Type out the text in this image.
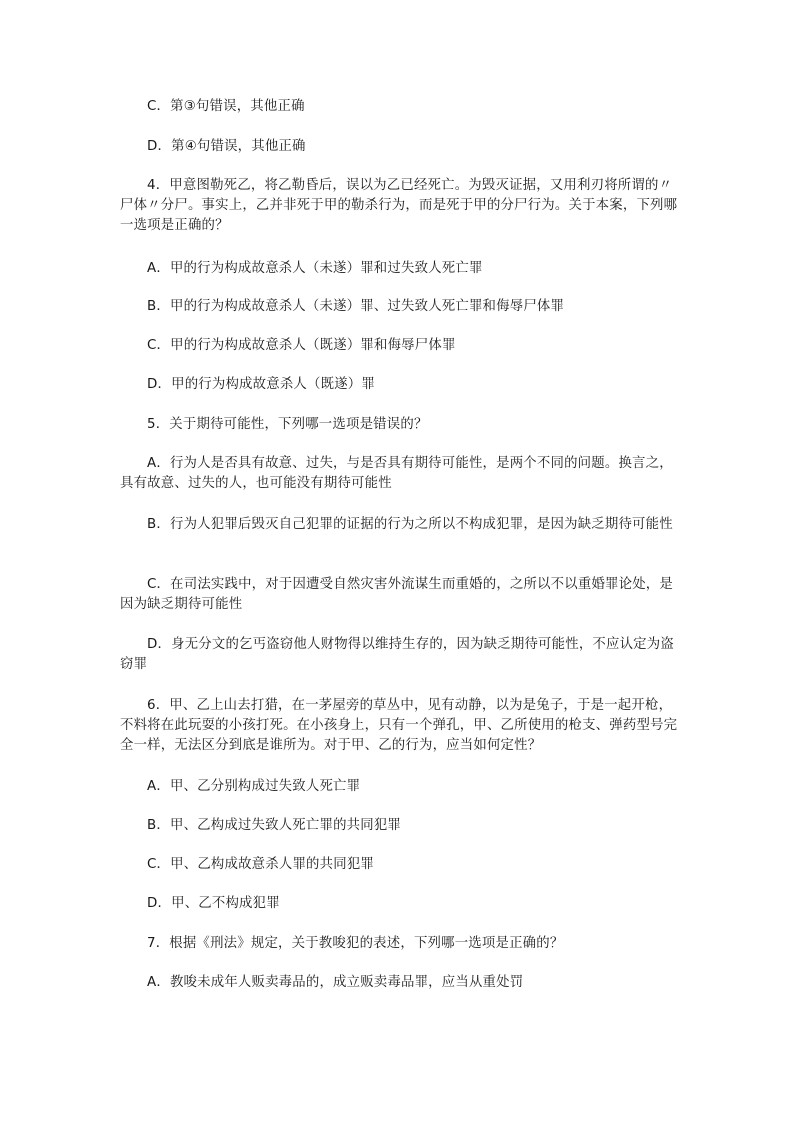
C．第③句错误，其他正确

D．第④句错误，其他正确

4．甲意图勒死乙，将乙勒昏后，误以为乙已经死亡。为毁灭证据，又用利刃将所谓的〃尸体〃分尸。事实上，乙并非死于甲的勒杀行为，而是死于甲的分尸行为。关于本案，下列哪一选项是正确的？

A．甲的行为构成故意杀人（未遂）罪和过失致人死亡罪

B．甲的行为构成故意杀人（未遂）罪、过失致人死亡罪和侮辱尸体罪

C．甲的行为构成故意杀人（既遂）罪和侮辱尸体罪

D．甲的行为构成故意杀人（既遂）罪

5．关于期待可能性，下列哪一选项是错误的？

A．行为人是否具有故意、过失，与是否具有期待可能性，是两个不同的问题。换言之，具有故意、过失的人，也可能没有期待可能性

B．行为人犯罪后毁灭自己犯罪的证据的行为之所以不构成犯罪，是因为缺乏期待可能性

C．在司法实践中，对于因遭受自然灾害外流谋生而重婚的，之所以不以重婚罪论处，是因为缺乏期待可能性

D．身无分文的乞丐盗窃他人财物得以维持生存的，因为缺乏期待可能性，不应认定为盗窃罪

6．甲、乙上山去打猎，在一茅屋旁的草丛中，见有动静，以为是兔子，于是一起开枪，不料将在此玩耍的小孩打死。在小孩身上，只有一个弹孔，甲、乙所使用的枪支、弹药型号完全一样，无法区分到底是谁所为。对于甲、乙的行为，应当如何定性？

A．甲、乙分别构成过失致人死亡罪

B．甲、乙构成过失致人死亡罪的共同犯罪

C．甲、乙构成故意杀人罪的共同犯罪

D．甲、乙不构成犯罪

7．根据《刑法》规定，关于教唆犯的表述，下列哪一选项是正确的？

A．教唆未成年人贩卖毒品的，成立贩卖毒品罪，应当从重处罚
